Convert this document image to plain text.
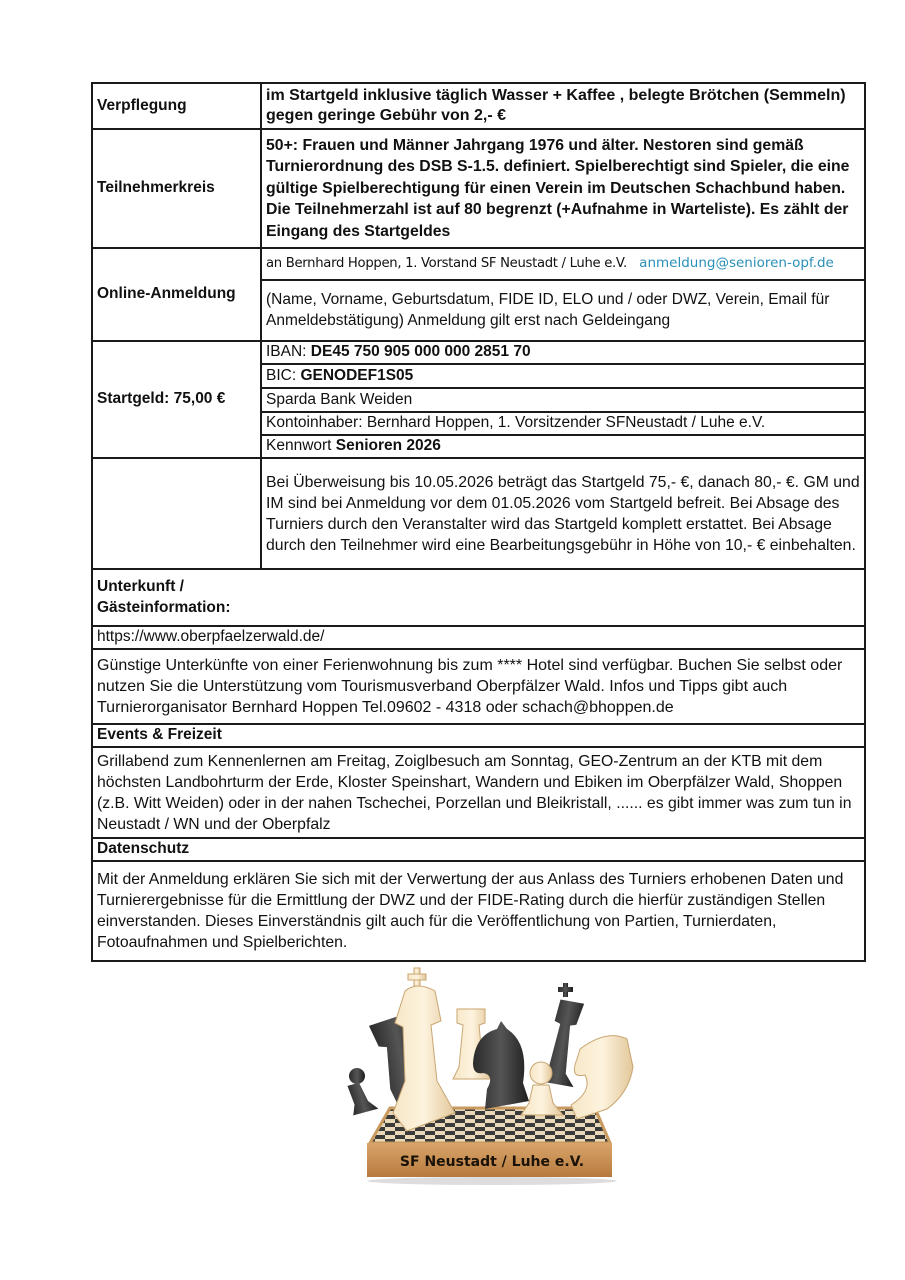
Verpflegung	im Startgeld inklusive täglich Wasser + Kaffee , belegte Brötchen (Semmeln) gegen geringe Gebühr von 2,- €
Teilnehmerkreis	50+: Frauen und Männer Jahrgang 1976 und älter. Nestoren sind gemäß Turnierordnung des DSB S-1.5. definiert. Spielberechtigt sind Spieler, die eine gültige Spielberechtigung für einen Verein im Deutschen Schachbund haben. Die Teilnehmerzahl ist auf 80 begrenzt (+Aufnahme in Warteliste). Es zählt der Eingang des Startgeldes
Online-Anmeldung	an Bernhard Hoppen, 1. Vorstand SF Neustadt / Luhe e.V. anmeldung@senioren-opf.de
	(Name, Vorname, Geburtsdatum, FIDE ID, ELO und / oder DWZ, Verein, Email für Anmeldebstätigung) Anmeldung gilt erst nach Geldeingang
Startgeld: 75,00 €	IBAN: DE45 750 905 000 000 2851 70
	BIC: GENODEF1S05
	Sparda Bank Weiden
	Kontoinhaber: Bernhard Hoppen, 1. Vorsitzender SFNeustadt / Luhe e.V.
	Kennwort Senioren 2026
	Bei Überweisung bis 10.05.2026 beträgt das Startgeld 75,- €, danach 80,- €. GM und IM sind bei Anmeldung vor dem 01.05.2026 vom Startgeld befreit. Bei Absage des Turniers durch den Veranstalter wird das Startgeld komplett erstattet. Bei Absage durch den Teilnehmer wird eine Bearbeitungsgebühr in Höhe von 10,- € einbehalten.

Unterkunft /
Gästeinformation:	

https://www.oberpfaelzerwald.de/	
Günstige Unterkünfte von einer Ferienwohnung bis zum **** Hotel sind verfügbar. Buchen Sie selbst oder nutzen Sie die Unterstützung vom Tourismusverband Oberpfälzer Wald. Infos und Tipps gibt auch Turnierorganisator Bernhard Hoppen Tel.09602 - 4318 oder schach@bhoppen.de	
Events & Freizeit	
Grillabend zum Kennenlernen am Freitag, Zoiglbesuch am Sonntag, GEO-Zentrum an der KTB mit dem höchsten Landbohrturm der Erde, Kloster Speinshart, Wandern und Ebiken im Oberpfälzer Wald, Shoppen (z.B. Witt Weiden) oder in der nahen Tschechei, Porzellan und Bleikristall, ...... es gibt immer was zum tun in Neustadt / WN und der Oberpfalz	
Datenschutz	
Mit der Anmeldung erklären Sie sich mit der Verwertung der aus Anlass des Turniers erhobenen Daten und Turnierergebnisse für die Ermittlung der DWZ und der FIDE-Rating durch die hierfür zuständigen Stellen einverstanden. Dieses Einverständnis gilt auch für die Veröffentlichung von Partien, Turnierdaten, Fotoaufnahmen und Spielberichten.	
SF Neustadt / Luhe e.V.
